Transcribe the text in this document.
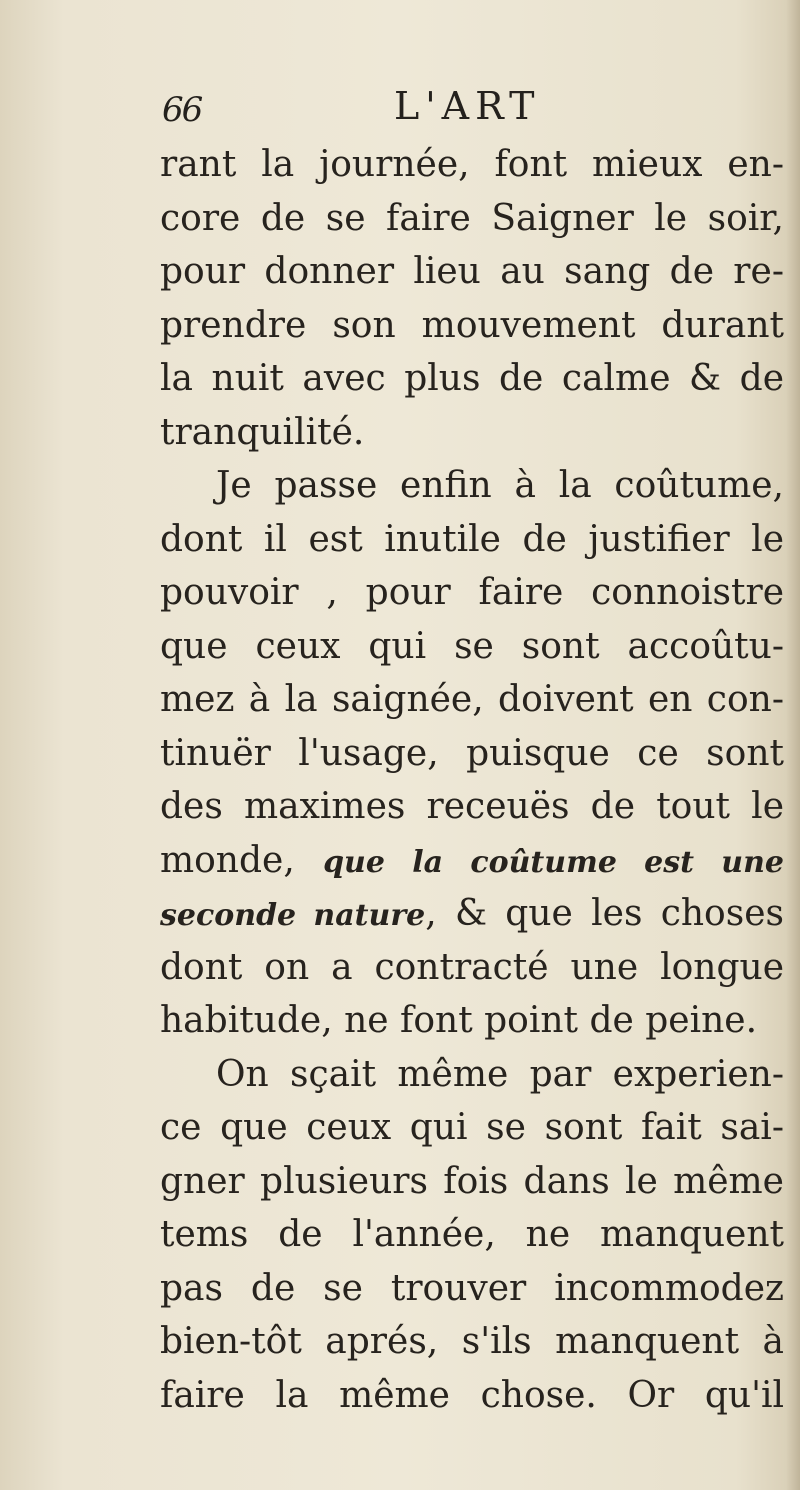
66	L'ART
rant la journée, font mieux en-
core de se faire Saigner le soir,
pour donner lieu au sang de re-
prendre son mouvement durant
la nuit avec plus de calme & de
tranquilité.
Je passe enfin à la coûtume,
dont il est inutile de justifier le
pouvoir , pour faire connoistre
que ceux qui se sont accoûtu-
mez à la saignée, doivent en con-
tinuër l'usage, puisque ce sont
des maximes receuës de tout le
monde, que la coûtume est une
seconde nature, & que les choses
dont on a contracté une longue
habitude, ne font point de peine.
On sçait même par experien-
ce que ceux qui se sont fait sai-
gner plusieurs fois dans le même
tems de l'année, ne manquent
pas de se trouver incommodez
bien-tôt aprés, s'ils manquent à
faire la même chose. Or qu'il
